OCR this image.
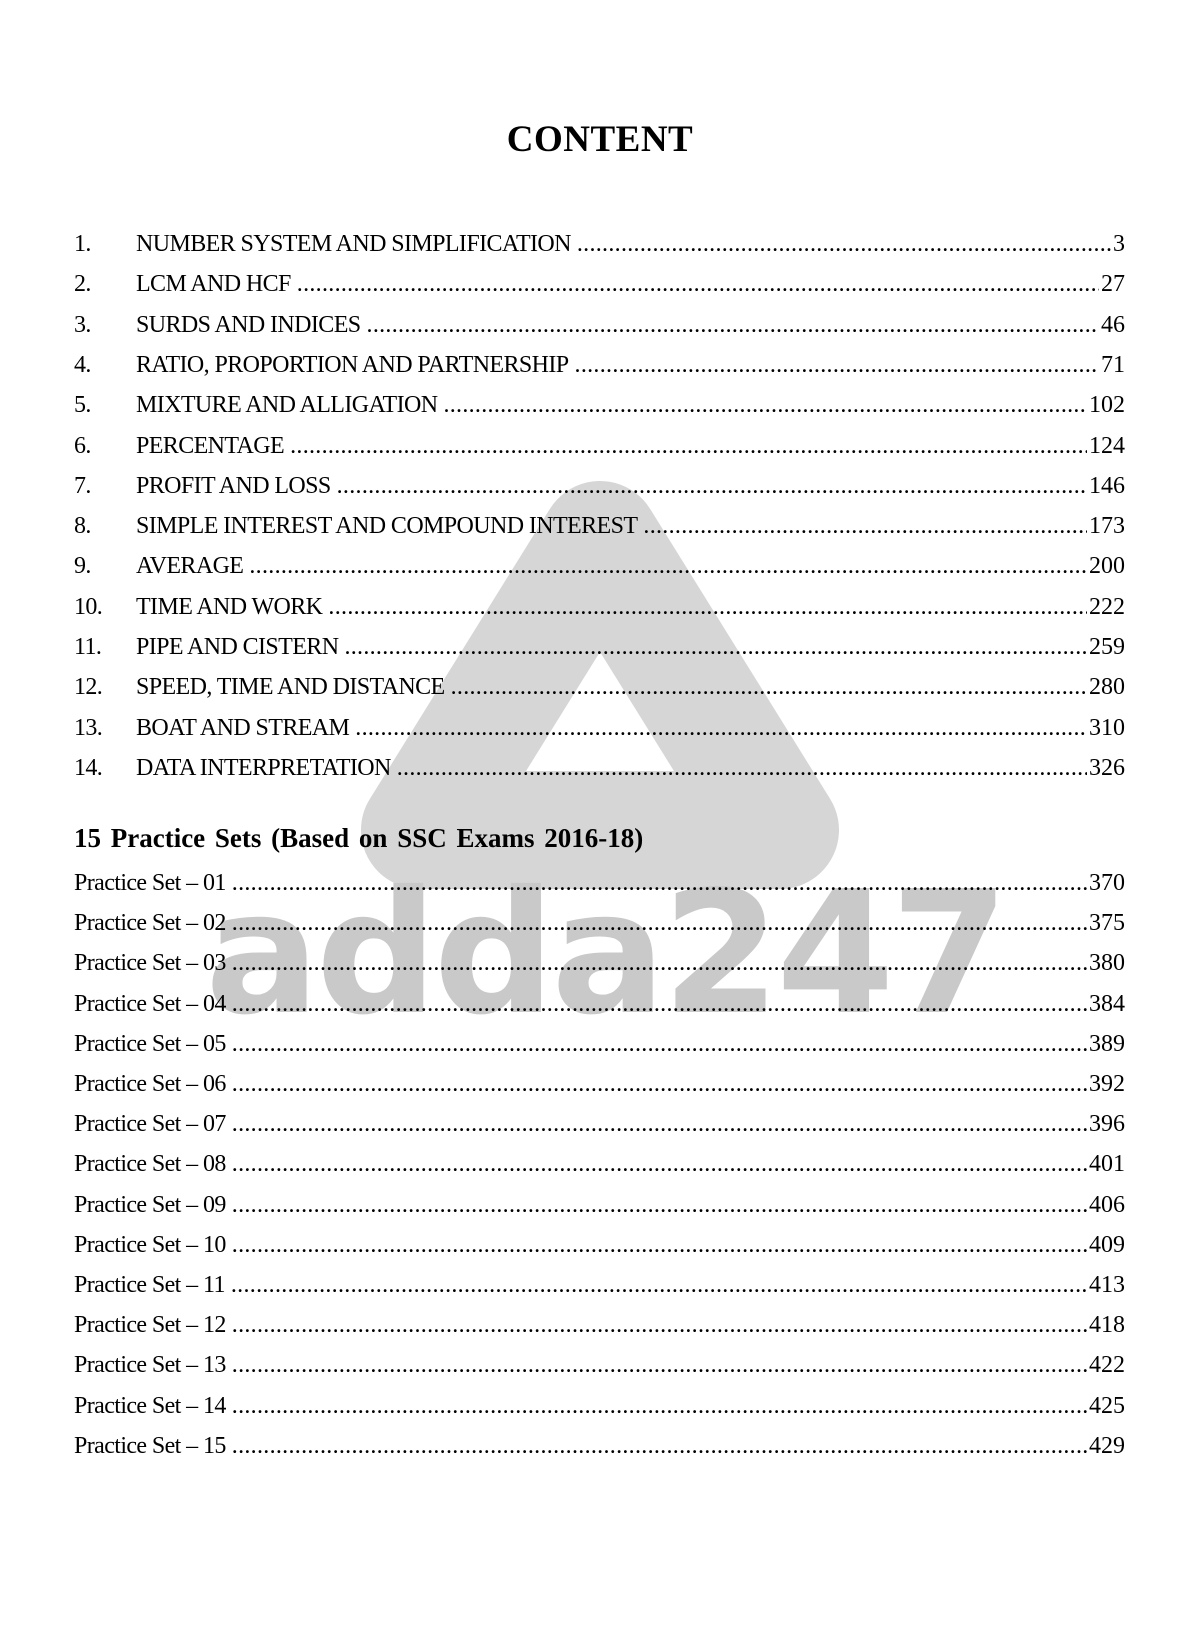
adda247
CONTENT
1.	NUMBER SYSTEM AND SIMPLIFICATION .....	3
2.	LCM AND HCF .....	27
3.	SURDS AND INDICES .....	46
4.	RATIO, PROPORTION AND PARTNERSHIP .....	71
5.	MIXTURE AND ALLIGATION .....	102
6.	PERCENTAGE .....	124
7.	PROFIT AND LOSS .....	146
8.	SIMPLE INTEREST AND COMPOUND INTEREST .....	173
9.	AVERAGE .....	200
10.	TIME AND WORK .....	222
11.	PIPE AND CISTERN .....	259
12.	SPEED, TIME AND DISTANCE .....	280
13.	BOAT AND STREAM .....	310
14.	DATA INTERPRETATION .....	326
15 Practice Sets (Based on SSC Exams 2016-18)
Practice Set – 01 .....	370
Practice Set – 02 .....	375
Practice Set – 03 .....	380
Practice Set – 04 .....	384
Practice Set – 05 .....	389
Practice Set – 06 .....	392
Practice Set – 07 .....	396
Practice Set – 08 .....	401
Practice Set – 09 .....	406
Practice Set – 10 .....	409
Practice Set – 11 .....	413
Practice Set – 12 .....	418
Practice Set – 13 .....	422
Practice Set – 14 .....	425
Practice Set – 15 .....	429
